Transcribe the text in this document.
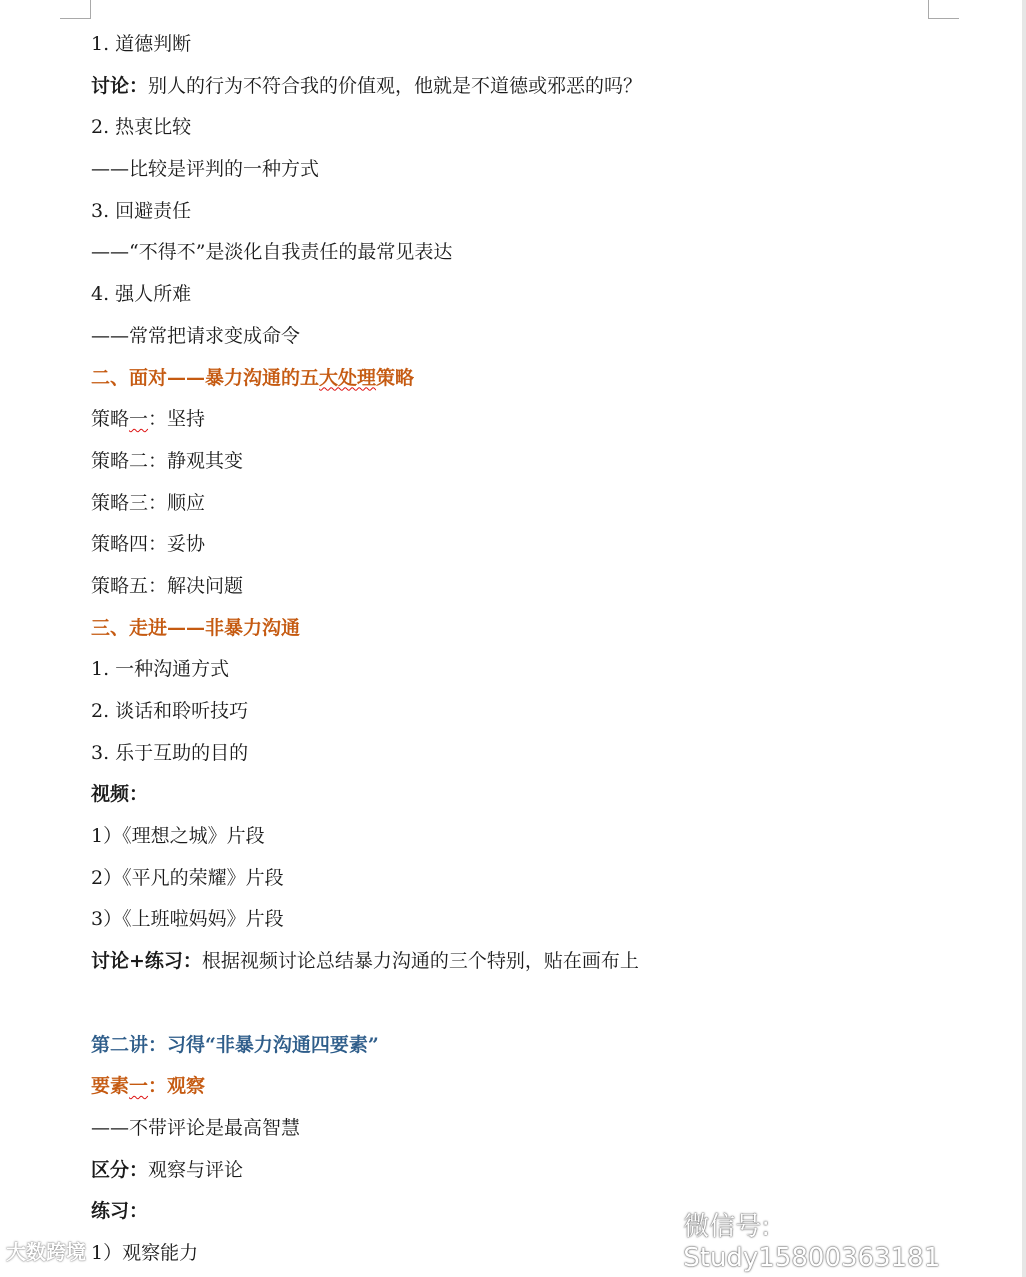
1. 道德判断
讨论：别人的行为不符合我的价值观，他就是不道德或邪恶的吗？
2. 热衷比较
——比较是评判的一种方式
3. 回避责任
——“不得不”是淡化自我责任的最常见表达
4. 强人所难
——常常把请求变成命令
二、面对——暴力沟通的五大处理策略
策略一：坚持
策略二：静观其变
策略三：顺应
策略四：妥协
策略五：解决问题
三、走进——非暴力沟通
1. 一种沟通方式
2. 谈话和聆听技巧
3. 乐于互助的目的
视频：
1）《理想之城》片段
2）《平凡的荣耀》片段
3）《上班啦妈妈》片段
讨论+练习：根据视频讨论总结暴力沟通的三个特别，贴在画布上
第二讲：习得“非暴力沟通四要素”
要素一：观察
——不带评论是最高智慧
区分：观察与评论
练习：
1）观察能力
大数跨境
微信号: Study15800363181
